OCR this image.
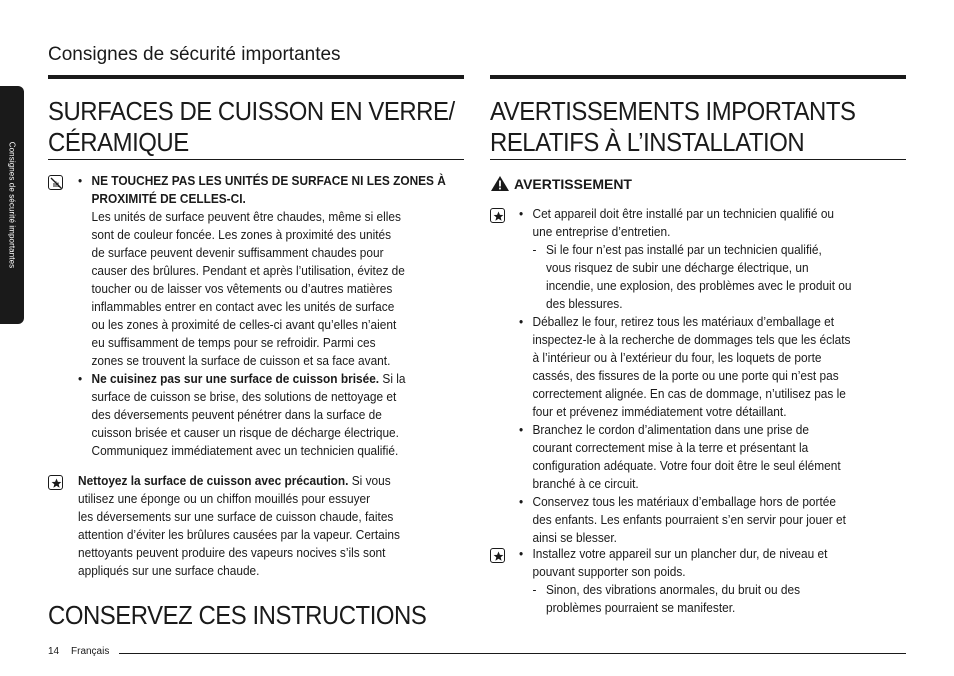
Consignes de sécurité importantes
Consignes de sécurité importantes
SURFACES DE CUISSON EN VERRE/
CÉRAMIQUE
• NE TOUCHEZ PAS LES UNITÉS DE SURFACE NI LES ZONES À
PROXIMITÉ DE CELLES-CI.
Les unités de surface peuvent être chaudes, même si elles
sont de couleur foncée. Les zones à proximité des unités
de surface peuvent devenir suffisamment chaudes pour
causer des brûlures. Pendant et après l’utilisation, évitez de
toucher ou de laisser vos vêtements ou d’autres matières
inflammables entrer en contact avec les unités de surface
ou les zones à proximité de celles-ci avant qu’elles n’aient
eu suffisamment de temps pour se refroidir. Parmi ces
zones se trouvent la surface de cuisson et sa face avant.
• Ne cuisinez pas sur une surface de cuisson brisée. Si la
surface de cuisson se brise, des solutions de nettoyage et
des déversements peuvent pénétrer dans la surface de
cuisson brisée et causer un risque de décharge électrique.
Communiquez immédiatement avec un technicien qualifié.
Nettoyez la surface de cuisson avec précaution. Si vous
utilisez une éponge ou un chiffon mouillés pour essuyer
les déversements sur une surface de cuisson chaude, faites
attention d’éviter les brûlures causées par la vapeur. Certains
nettoyants peuvent produire des vapeurs nocives s’ils sont
appliqués sur une surface chaude.
CONSERVEZ CES INSTRUCTIONS
AVERTISSEMENTS IMPORTANTS
RELATIFS À L’INSTALLATION
AVERTISSEMENT
• Cet appareil doit être installé par un technicien qualifié ou
une entreprise d’entretien.
- Si le four n’est pas installé par un technicien qualifié,
vous risquez de subir une décharge électrique, un
incendie, une explosion, des problèmes avec le produit ou
des blessures.
• Déballez le four, retirez tous les matériaux d’emballage et
inspectez-le à la recherche de dommages tels que les éclats
à l’intérieur ou à l’extérieur du four, les loquets de porte
cassés, des fissures de la porte ou une porte qui n’est pas
correctement alignée. En cas de dommage, n’utilisez pas le
four et prévenez immédiatement votre détaillant.
• Branchez le cordon d’alimentation dans une prise de
courant correctement mise à la terre et présentant la
configuration adéquate. Votre four doit être le seul élément
branché à ce circuit.
• Conservez tous les matériaux d’emballage hors de portée
des enfants. Les enfants pourraient s’en servir pour jouer et
ainsi se blesser.
• Installez votre appareil sur un plancher dur, de niveau et
pouvant supporter son poids.
- Sinon, des vibrations anormales, du bruit ou des
problèmes pourraient se manifester.
14 Français
